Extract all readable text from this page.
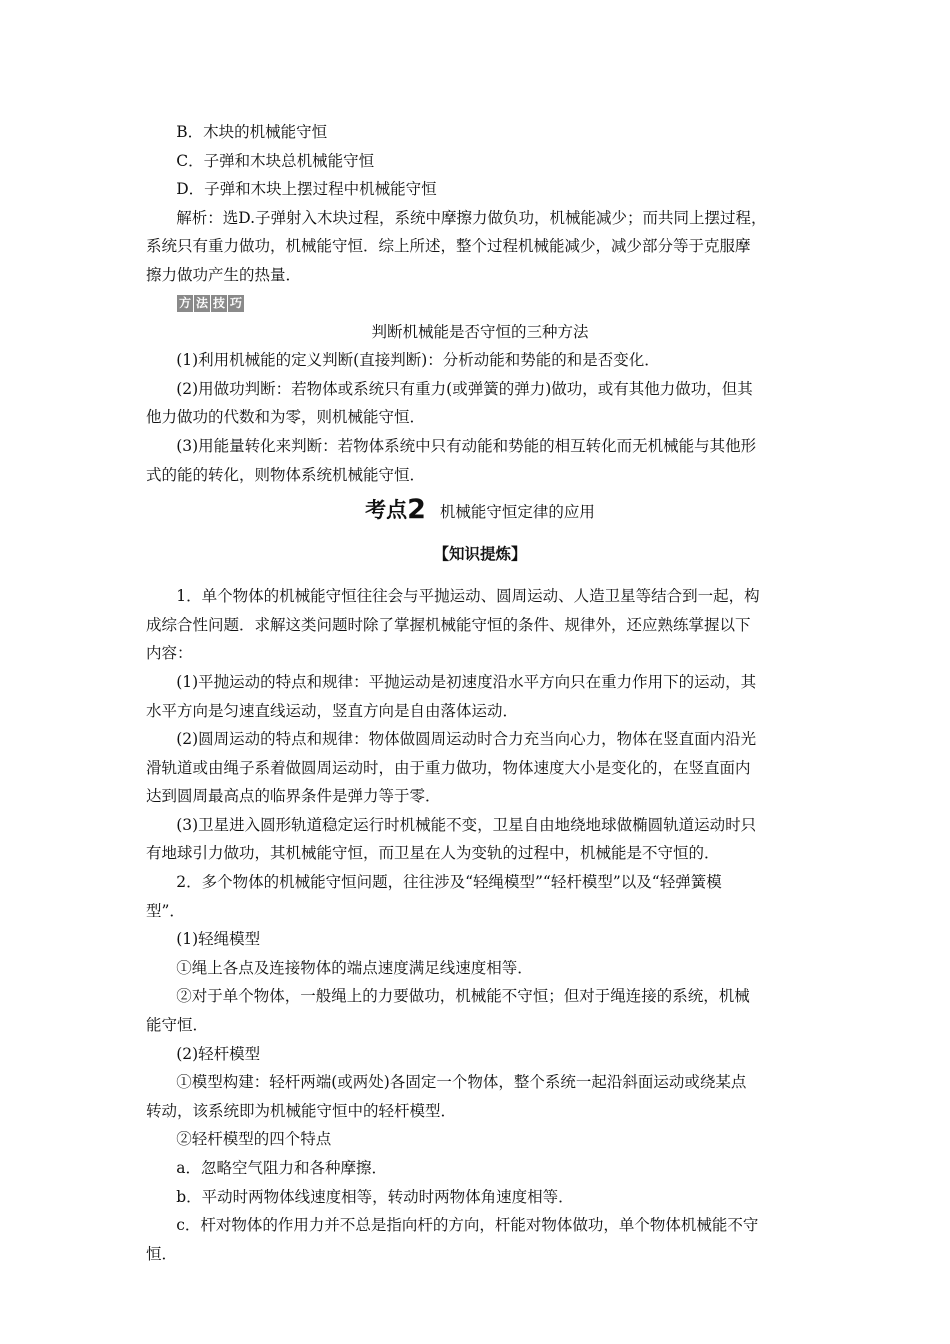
B．木块的机械能守恒

C．子弹和木块总机械能守恒

D．子弹和木块上摆过程中机械能守恒

解析：选D.子弹射入木块过程，系统中摩擦力做负功，机械能减少；而共同上摆过程，

系统只有重力做功，机械能守恒．综上所述，整个过程机械能减少，减少部分等于克服摩

擦力做功产生的热量．

方 法 技 巧

判断机械能是否守恒的三种方法

(1)利用机械能的定义判断(直接判断)：分析动能和势能的和是否变化．

(2)用做功判断：若物体或系统只有重力(或弹簧的弹力)做功，或有其他力做功，但其

他力做功的代数和为零，则机械能守恒．

(3)用能量转化来判断：若物体系统中只有动能和势能的相互转化而无机械能与其他形

式的能的转化，则物体系统机械能守恒．

考点 2 机械能守恒定律的应用

【知识提炼】

1．单个物体的机械能守恒往往会与平抛运动、圆周运动、人造卫星等结合到一起，构

成综合性问题．求解这类问题时除了掌握机械能守恒的条件、规律外，还应熟练掌握以下

内容：

(1)平抛运动的特点和规律：平抛运动是初速度沿水平方向只在重力作用下的运动，其

水平方向是匀速直线运动，竖直方向是自由落体运动．

(2)圆周运动的特点和规律：物体做圆周运动时合力充当向心力，物体在竖直面内沿光

滑轨道或由绳子系着做圆周运动时，由于重力做功，物体速度大小是变化的，在竖直面内

达到圆周最高点的临界条件是弹力等于零．

(3)卫星进入圆形轨道稳定运行时机械能不变，卫星自由地绕地球做椭圆轨道运动时只

有地球引力做功，其机械能守恒，而卫星在人为变轨的过程中，机械能是不守恒的．

2．多个物体的机械能守恒问题，往往涉及“轻绳模型”“轻杆模型”以及“轻弹簧模

型”．

(1)轻绳模型

①绳上各点及连接物体的端点速度满足线速度相等．

②对于单个物体，一般绳上的力要做功，机械能不守恒；但对于绳连接的系统，机械

能守恒．

(2)轻杆模型

①模型构建：轻杆两端(或两处)各固定一个物体，整个系统一起沿斜面运动或绕某点

转动，该系统即为机械能守恒中的轻杆模型．

②轻杆模型的四个特点

a．忽略空气阻力和各种摩擦．

b．平动时两物体线速度相等，转动时两物体角速度相等．

c．杆对物体的作用力并不总是指向杆的方向，杆能对物体做功，单个物体机械能不守

恒．
